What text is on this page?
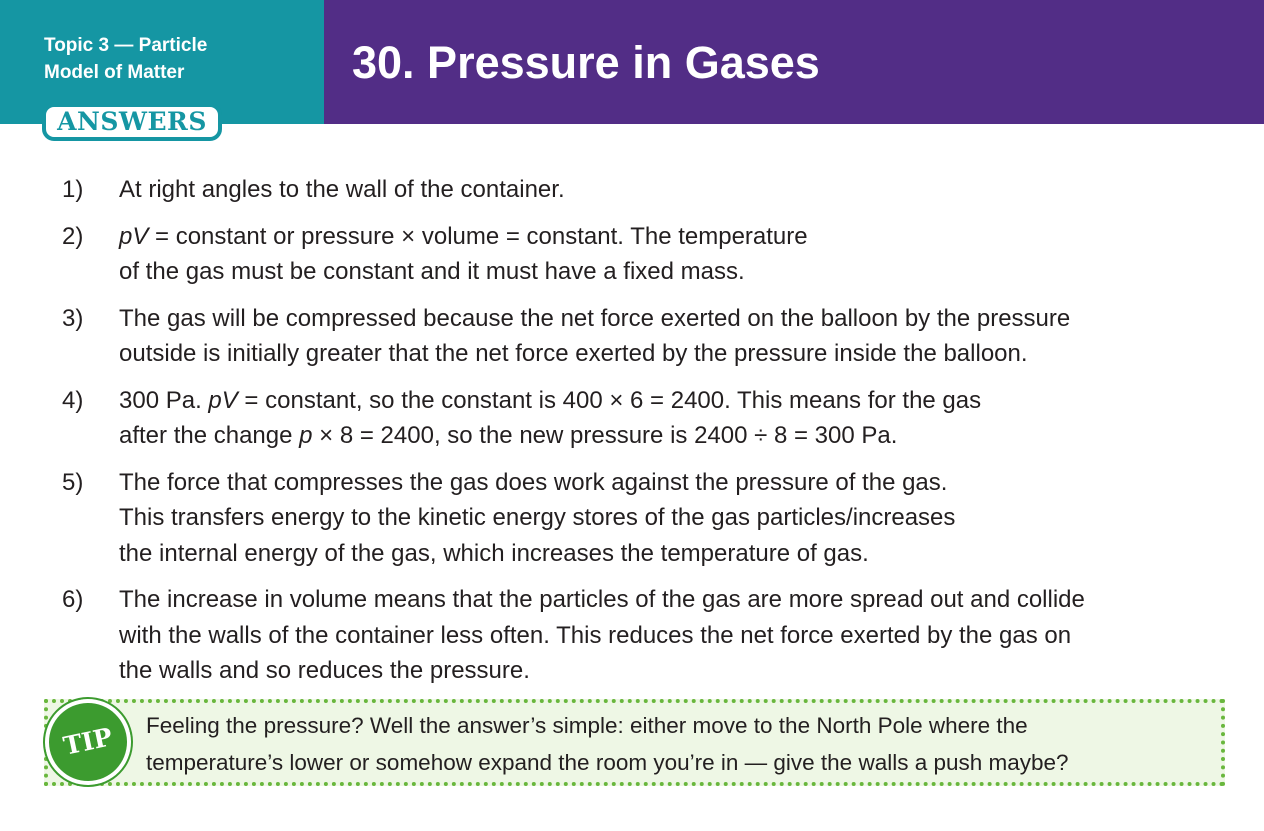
Topic 3 — Particle
Model of Matter
ANSWERS
30. Pressure in Gases
1) At right angles to the wall of the container.
2) pV = constant or pressure × volume = constant. The temperature
of the gas must be constant and it must have a fixed mass.
3) The gas will be compressed because the net force exerted on the balloon by the pressure
outside is initially greater that the net force exerted by the pressure inside the balloon.
4) 300 Pa. pV = constant, so the constant is 400 × 6 = 2400. This means for the gas
after the change p × 8 = 2400, so the new pressure is 2400 ÷ 8 = 300 Pa.
5) The force that compresses the gas does work against the pressure of the gas.
This transfers energy to the kinetic energy stores of the gas particles/increases
the internal energy of the gas, which increases the temperature of gas.
6) The increase in volume means that the particles of the gas are more spread out and collide
with the walls of the container less often. This reduces the net force exerted by the gas on
the walls and so reduces the pressure.
TIP	Feeling the pressure? Well the answer’s simple: either move to the North Pole where the
temperature’s lower or somehow expand the room you’re in — give the walls a push maybe?
